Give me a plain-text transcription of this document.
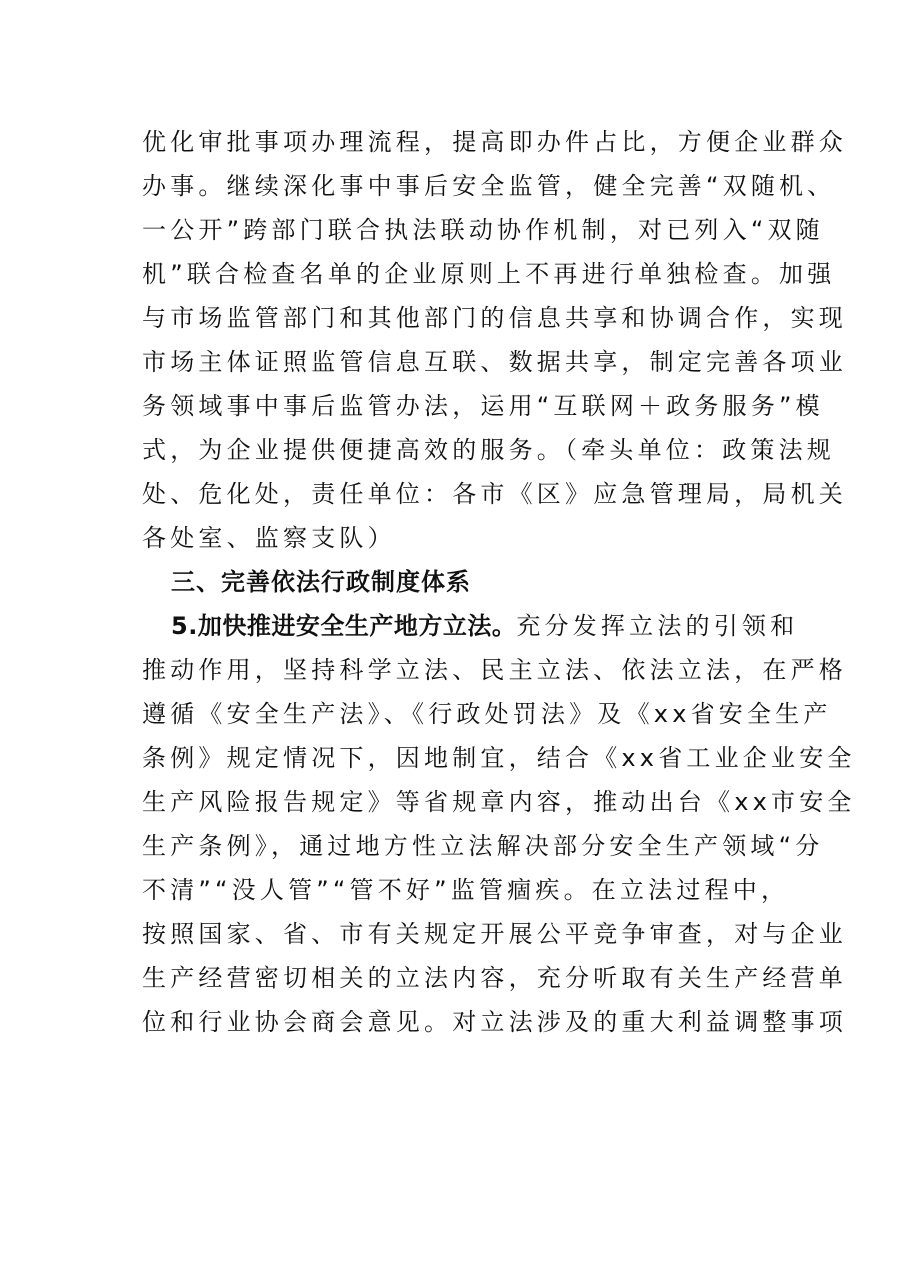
优化审批事项办理流程，提高即办件占比，方便企业群众
办事。继续深化事中事后安全监管，健全完善“双随机、
一公开”跨部门联合执法联动协作机制，对已列入“双随
机”联合检查名单的企业原则上不再进行单独检查。加强
与市场监管部门和其他部门的信息共享和协调合作，实现
市场主体证照监管信息互联、数据共享，制定完善各项业
务领域事中事后监管办法，运用“互联网＋政务服务”模
式，为企业提供便捷高效的服务。（牵头单位：政策法规
处、危化处，责任单位：各市《区》应急管理局，局机关
各处室、监察支队）
三、完善依法行政制度体系
5.加快推进安全生产地方立法。充分发挥立法的引领和
推动作用，坚持科学立法、民主立法、依法立法，在严格
遵循《安全生产法》、《行政处罚法》及《xx省安全生产
条例》规定情况下，因地制宜，结合《xx省工业企业安全
生产风险报告规定》等省规章内容，推动出台《xx市安全
生产条例》，通过地方性立法解决部分安全生产领域“分
不清”“没人管”“管不好”监管痼疾。在立法过程中，
按照国家、省、市有关规定开展公平竞争审查，对与企业
生产经营密切相关的立法内容，充分听取有关生产经营单
位和行业协会商会意见。对立法涉及的重大利益调整事项
